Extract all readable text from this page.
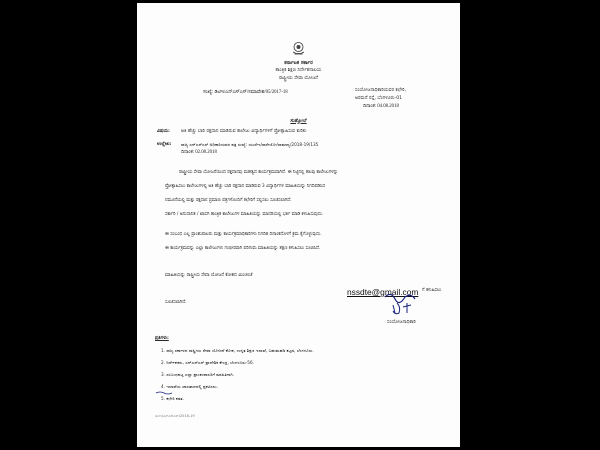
ಕರ್ನಾಟಕ ಸರ್ಕಾರ
ತಾಂತ್ರಿಕ ಶಿಕ್ಷಣ ನಿರ್ದೇಶನಾಲಯ
ರಾಷ್ಟ್ರೀಯ ಸೇವಾ ಯೋಜನೆ
ಸಂಖ್ಯೆ: ಡಿಟಿಇ/ಎನ್ಎಸ್ಎಸ್/ಸಮಾವೇಶ/05/2017-18	ಸಂಯೋಜನಾಧಿಕಾರಿಯವರ ಕಛೇರಿ,
ಅರಮನೆ ರಸ್ತೆ, ಬೆಂಗಳೂರು-01
ದಿನಾಂಕ: 04.08.2018
ಸುತ್ತೋಲೆ
ವಿಷಯ: ಅತಿ ಹೆಚ್ಚು ಬಾರಿ ರಕ್ತದಾನ ಮಾಡಿರುವ ಕಾಲೇಜು ವಿದ್ಯಾರ್ಥಿಗಳಿಗೆ ಪ್ರೋತ್ಸಾಹಿಸುವ ಕುರಿತು
ಉಲ್ಲೇಖ: ರಾಜ್ಯ ಎನ್ಎಸ್ಎಸ್ ಅಧಿಕಾರಿಯವರ ಪತ್ರ ಸಂಖ್ಯೆ: ಯುಸೇಇ/ರಾಸೇಯೋ/ಸಾಮಾನ್ಯ/2018-19/135
ದಿನಾಂಕ: 02.08.2018
ರಾಷ್ಟ್ರೀಯ ಸೇವಾ ಯೋಜನೆಯಿಂದ ರಕ್ತದಾನವು ಮಹತ್ವದ ಕಾರ್ಯಕ್ರಮವಾಗಿದೆ. ಈ ನಿಟ್ಟಿನಲ್ಲಿ ಹಲವು ಕಾಲೇಜುಗಳನ್ನು
ಪ್ರೋತ್ಸಾಹಿಸಲು ಕಾಲೇಜುಗಳಲ್ಲಿ ಅತಿ ಹೆಚ್ಚು ಬಾರಿ ರಕ್ತದಾನ ಮಾಡಿರುವ 3 ವಿದ್ಯಾರ್ಥಿಗಳ ಮಾಹಿತಿಯನ್ನು ನಿಗದಿಪಡಿಸಿದ
ನಮೂನೆಯಲ್ಲಿ ಮತ್ತು ರಕ್ತದಾನ ಪ್ರಮಾಣ ಪತ್ರಗಳೊಂದಿಗೆ ಕಛೇರಿಗೆ ಸಲ್ಲಿಸಲು ಸೂಚಿಸಲಾಗಿದೆ.
ಸರ್ಕಾರಿ / ಅನುದಾನಿತ / ಖಾಸಗಿ ತಾಂತ್ರಿಕ ಕಾಲೇಜುಗಳ ಮಾಹಿತಿಯನ್ನು ಮಾದರಿಯಲ್ಲಿ ಭರ್ತಿ ಮಾಡಿ ಕಳುಹಿಸುವುದು.
ಈ ಸಂಬಂಧ ಎಲ್ಲ ಪ್ರಾಂಶುಪಾಲರು ಮತ್ತು ಕಾರ್ಯಕ್ರಮಾಧಿಕಾರಿಗಳು ನಿಗದಿತ ದಿನಾಂಕದೊಳಗೆ ಕ್ರಮ ಕೈಗೊಳ್ಳುವುದು.
ಈ ಕಾರ್ಯಕ್ರಮವನ್ನು ಎಲ್ಲಾ ಕಾಲೇಜುಗಳು ಗಂಭೀರವಾಗಿ ಪರಿಗಣಿಸಿ ಮಾಹಿತಿಯನ್ನು ತಕ್ಷಣ ಕಳುಹಿಸಲು ಸೂಚಿಸಿದೆ.
ಮಾಹಿತಿಯನ್ನು ರಾಷ್ಟ್ರೀಯ ಸೇವಾ ಯೋಜನೆ ಕೋಶದ ಮಿಂಚಂಚೆ
nssdte@gmail.com ಗೆ ಕಳುಹಿಸಲು
ಸೂಚಿಸಲಾಗಿದೆ.
ಸಂಯೋಜನಾಧಿಕಾರಿ
ಪ್ರತಿಗಳು:
1. ರಾಜ್ಯ ಸರ್ಕಾರದ ರಾಷ್ಟ್ರೀಯ ಸೇವಾ ಯೋಜನೆ ಕೋಶ, ಉನ್ನತ ಶಿಕ್ಷಣ ಇಲಾಖೆ, ಬಹುಮಹಡಿ ಕಟ್ಟಡ, ಬೆಂಗಳೂರು.
2. ನಿರ್ದೇಶಕರು, ಎನ್ಎಸ್ಎಸ್ ಪ್ರಾದೇಶಿಕ ಕೇಂದ್ರ, ಬೆಂಗಳೂರು-56.
3. ಸಂಬಂಧಪಟ್ಟ ಎಲ್ಲಾ ಪ್ರಾಂಶುಪಾಲರಿಗೆ ಮಾಹಿತಿಗಾಗಿ.
4. ಇಲಾಖೆಯ ಜಾಲತಾಣದಲ್ಲಿ ಪ್ರಕಟಿಸಲು.
5. ಕಛೇರಿ ಕಡತ.
ಡಿಟಿಇ/ಎನ್ಎಸ್ಎಸ್/2018-19
